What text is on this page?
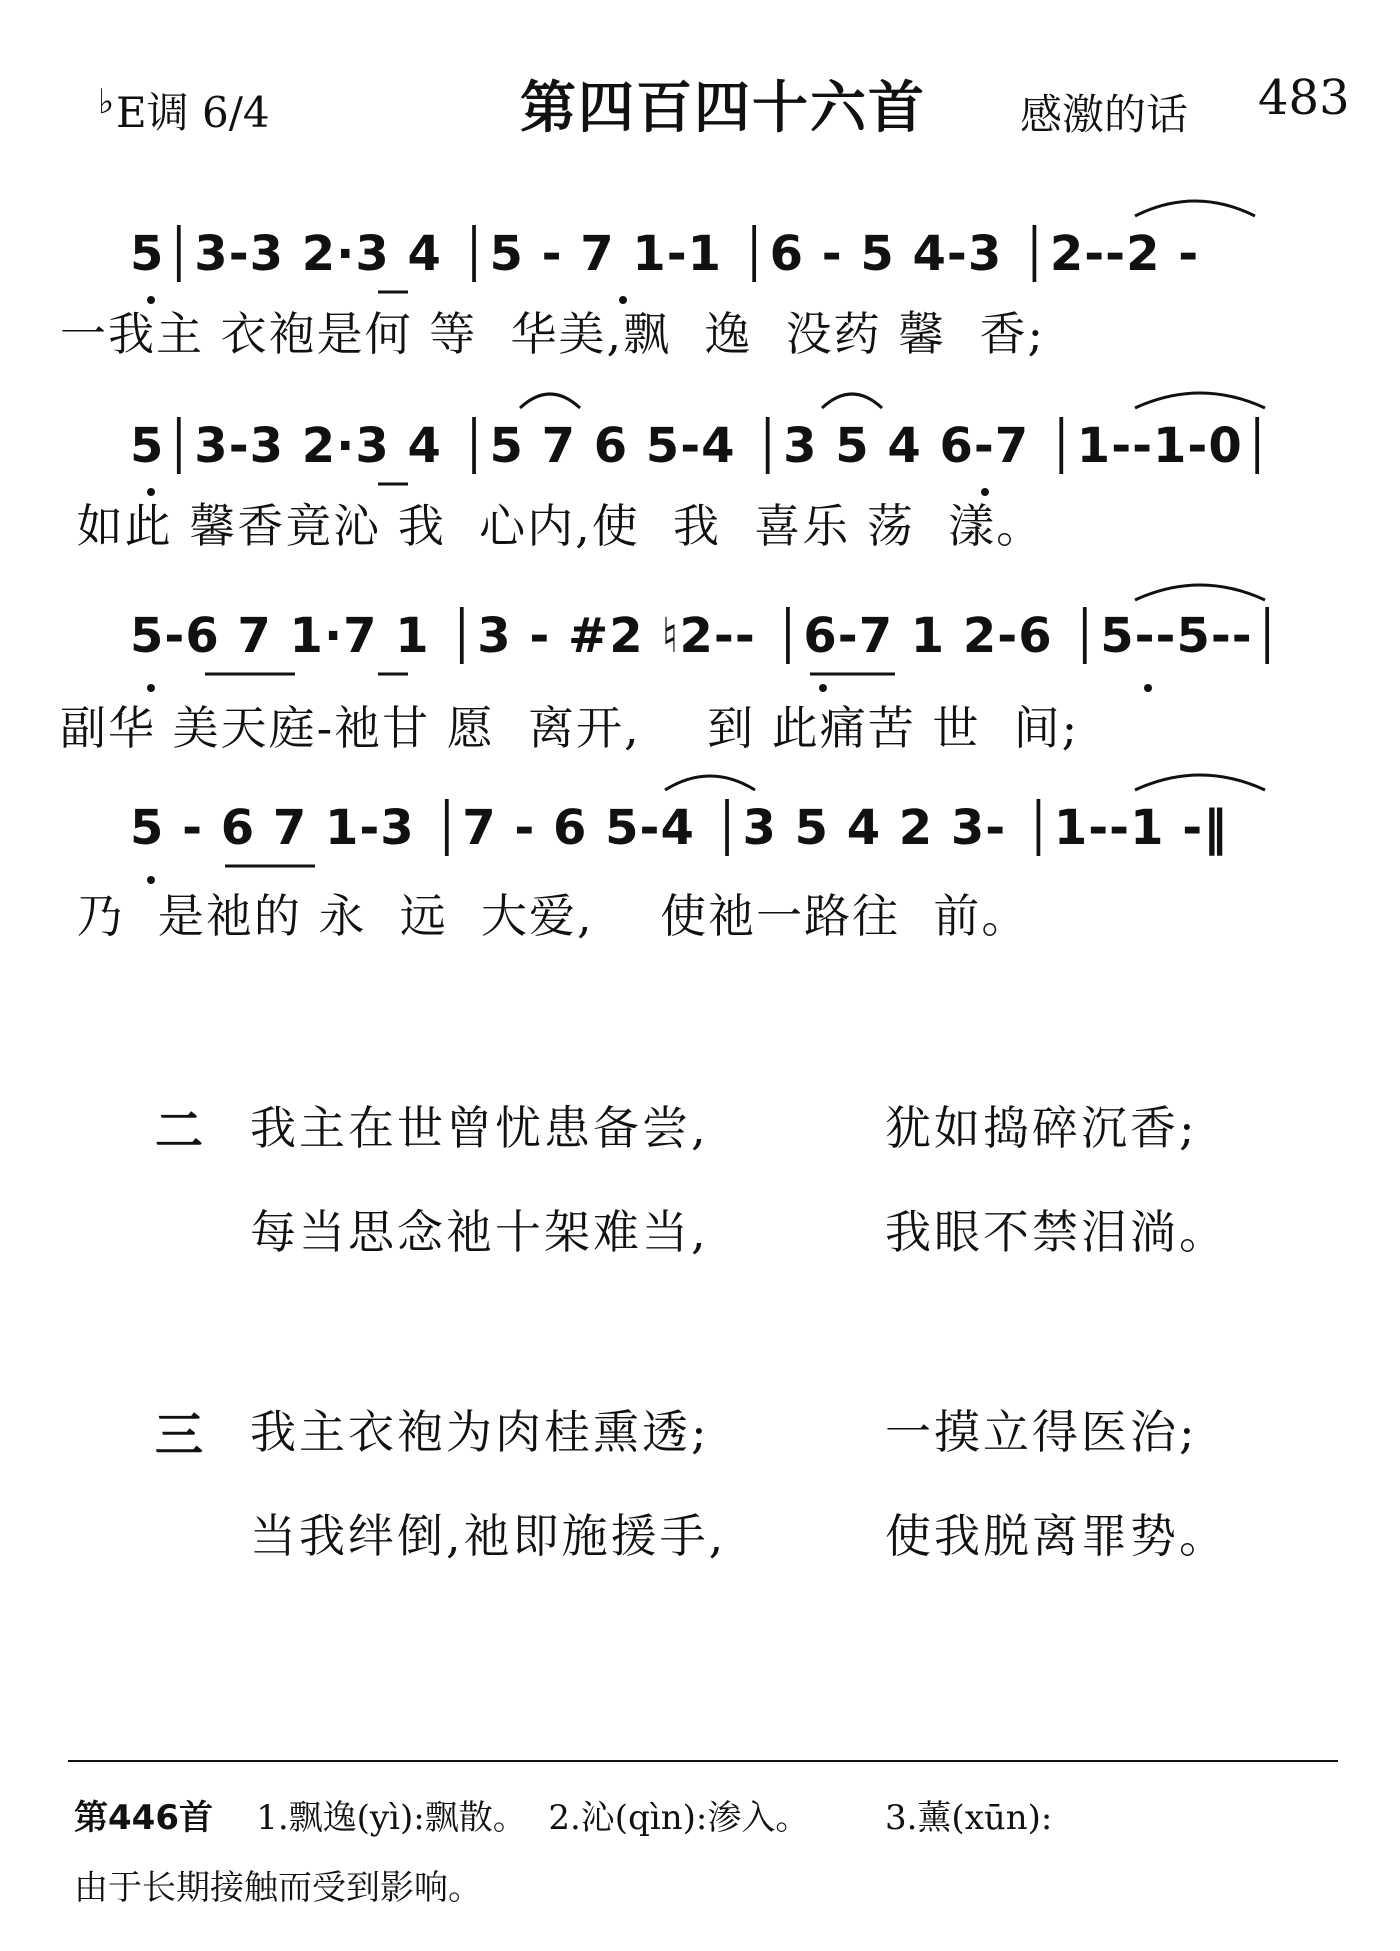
♭E调 6/4	第四百四十六首 感激的话 483
5│3-3 2·3 4 │5 - 7 1-1 │6 - 5 4-3 │2--2 -
一我主 衣袍是何 等  华美,飘  逸  没药 馨  香;
5│3-3 2·3 4 │5 7 6 5-4 │3 5 4 6-7 │1--1-0│
如此 馨香竟沁 我  心内,使  我  喜乐 荡  漾。
5-6 7 1·7 1 │3 - #2 ♮2-- │6-7 1 2-6 │5--5--│
副华 美天庭-祂甘 愿  离开,    到 此痛苦 世  间;
5 - 6 7 1-3 │7 - 6 5-4 │3 5 4 2 3- │1--1 -‖
乃  是祂的 永  远  大爱,    使祂一路往  前。
二 我主在世曾忧患备尝,	犹如捣碎沉香;
每当思念祂十架难当,	我眼不禁泪淌。
三 我主衣袍为肉桂熏透;	一摸立得医治;
当我绊倒,祂即施援手,	使我脱离罪势。
第446首 1.飘逸(yì):飘散。 2.沁(qìn):渗入。 3.薰(xūn):
由于长期接触而受到影响。
